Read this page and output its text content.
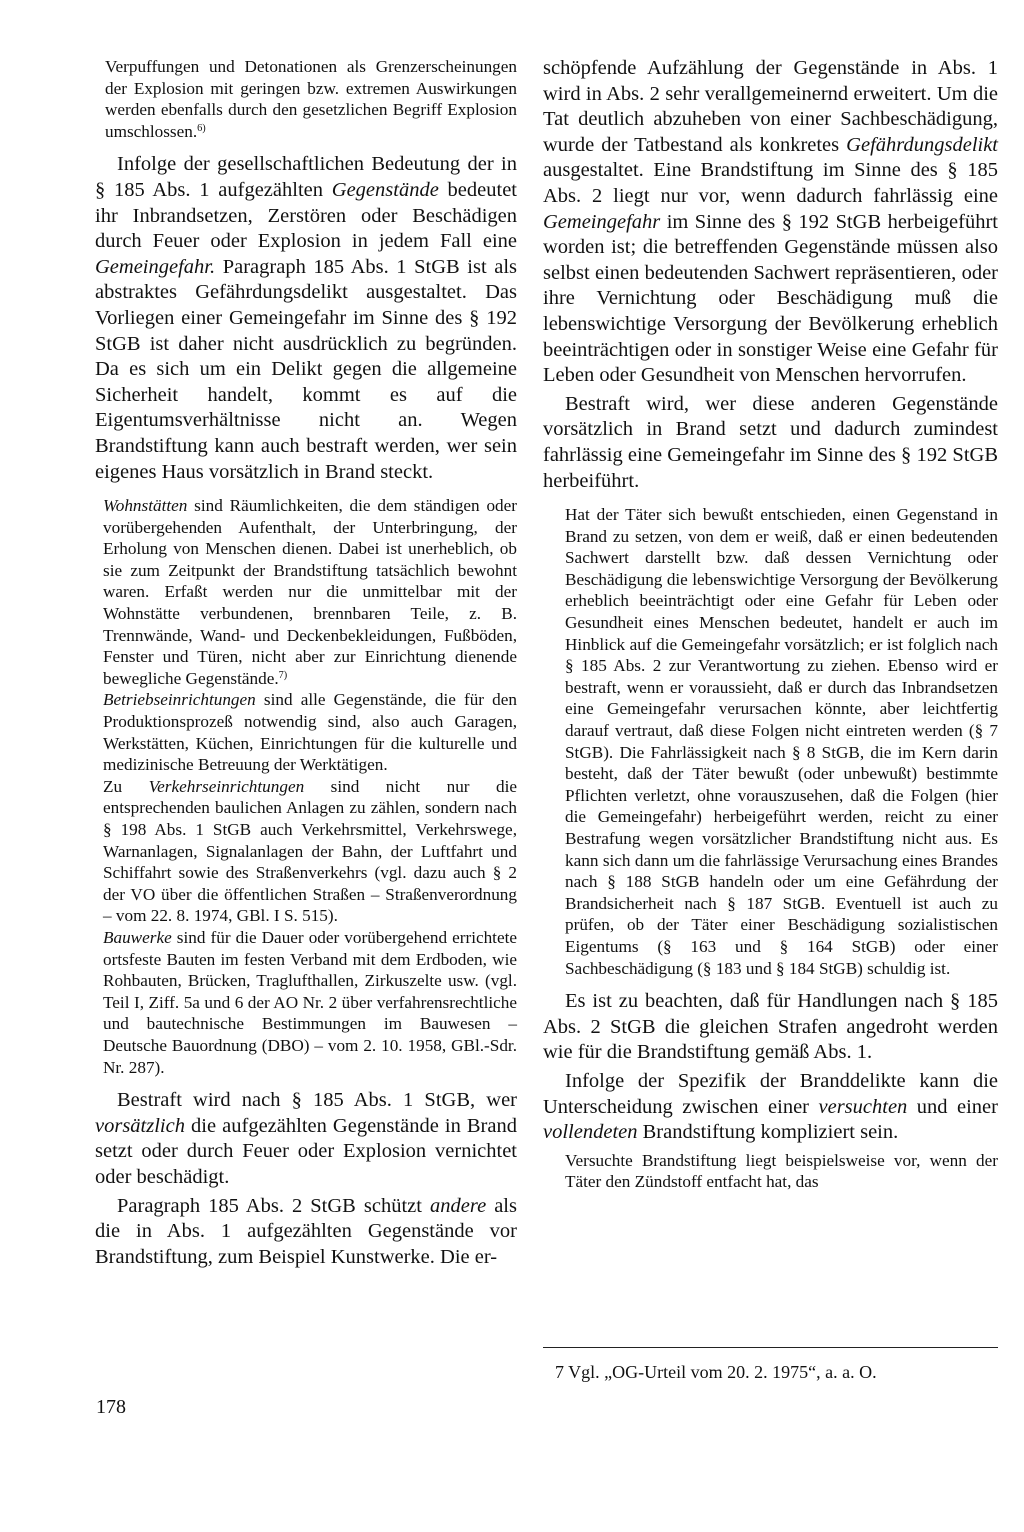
Verpuffungen und Detonationen als Grenzerscheinungen der Explosion mit geringen bzw. extremen Auswirkungen werden ebenfalls durch den gesetzlichen Begriff Explosion umschlossen.$^{6)}$

Infolge der gesellschaftlichen Bedeutung der in § 185 Abs. 1 aufgezählten Gegenstände bedeutet ihr Inbrandsetzen, Zerstören oder Beschädigen durch Feuer oder Explosion in jedem Fall eine Gemeingefahr. Paragraph 185 Abs. 1 StGB ist als abstraktes Gefährdungsdelikt ausgestaltet. Das Vorliegen einer Gemeingefahr im Sinne des § 192 StGB ist daher nicht ausdrücklich zu begründen. Da es sich um ein Delikt gegen die allgemeine Sicherheit handelt, kommt es auf die Eigentumsverhältnisse nicht an. Wegen Brandstiftung kann auch bestraft werden, wer sein eigenes Haus vorsätzlich in Brand steckt.

Wohnstätten sind Räumlichkeiten, die dem ständigen oder vorübergehenden Aufenthalt, der Unterbringung, der Erholung von Menschen dienen. Dabei ist unerheblich, ob sie zum Zeitpunkt der Brandstiftung tatsächlich bewohnt waren. Erfaßt werden nur die unmittelbar mit der Wohnstätte verbundenen, brennbaren Teile, z. B. Trennwände, Wand- und Deckenbekleidungen, Fußböden, Fenster und Türen, nicht aber zur Einrichtung dienende bewegliche Gegenstände.$^{7)}$

Betriebseinrichtungen sind alle Gegenstände, die für den Produktionsprozeß notwendig sind, also auch Garagen, Werkstätten, Küchen, Einrichtungen für die kulturelle und medizinische Betreuung der Werktätigen.

Zu Verkehrseinrichtungen sind nicht nur die entsprechenden baulichen Anlagen zu zählen, sondern nach § 198 Abs. 1 StGB auch Verkehrsmittel, Verkehrswege, Warnanlagen, Signalanlagen der Bahn, der Luftfahrt und Schiffahrt sowie des Straßenverkehrs (vgl. dazu auch § 2 der VO über die öffentlichen Straßen – Straßenverordnung – vom 22. 8. 1974, GBl. I S. 515).

Bauwerke sind für die Dauer oder vorübergehend errichtete ortsfeste Bauten im festen Verband mit dem Erdboden, wie Rohbauten, Brücken, Traglufthallen, Zirkuszelte usw. (vgl. Teil I, Ziff. 5a und 6 der AO Nr. 2 über verfahrensrechtliche und bautechnische Bestimmungen im Bauwesen – Deutsche Bauordnung (DBO) – vom 2. 10. 1958, GBl.-Sdr. Nr. 287).

Bestraft wird nach § 185 Abs. 1 StGB, wer vorsätzlich die aufgezählten Gegenstände in Brand setzt oder durch Feuer oder Explosion vernichtet oder beschädigt.

Paragraph 185 Abs. 2 StGB schützt andere als die in Abs. 1 aufgezählten Gegenstände vor Brandstiftung, zum Beispiel Kunstwerke. Die er-

schöpfende Aufzählung der Gegenstände in Abs. 1 wird in Abs. 2 sehr verallgemeinernd erweitert. Um die Tat deutlich abzuheben von einer Sachbeschädigung, wurde der Tatbestand als konkretes Gefährdungsdelikt ausgestaltet. Eine Brandstiftung im Sinne des § 185 Abs. 2 liegt nur vor, wenn dadurch fahrlässig eine Gemeingefahr im Sinne des § 192 StGB herbeigeführt worden ist; die betreffenden Gegenstände müssen also selbst einen bedeutenden Sachwert repräsentieren, oder ihre Vernichtung oder Beschädigung muß die lebenswichtige Versorgung der Bevölkerung erheblich beeinträchtigen oder in sonstiger Weise eine Gefahr für Leben oder Gesundheit von Menschen hervorrufen.

Bestraft wird, wer diese anderen Gegenstände vorsätzlich in Brand setzt und dadurch zumindest fahrlässig eine Gemeingefahr im Sinne des § 192 StGB herbeiführt.

Hat der Täter sich bewußt entschieden, einen Gegenstand in Brand zu setzen, von dem er weiß, daß er einen bedeutenden Sachwert darstellt bzw. daß dessen Vernichtung oder Beschädigung die lebenswichtige Versorgung der Bevölkerung erheblich beeinträchtigt oder eine Gefahr für Leben oder Gesundheit eines Menschen bedeutet, handelt er auch im Hinblick auf die Gemeingefahr vorsätzlich; er ist folglich nach § 185 Abs. 2 zur Verantwortung zu ziehen. Ebenso wird er bestraft, wenn er voraussieht, daß er durch das Inbrandsetzen eine Gemeingefahr verursachen könnte, aber leichtfertig darauf vertraut, daß diese Folgen nicht eintreten werden (§ 7 StGB). Die Fahrlässigkeit nach § 8 StGB, die im Kern darin besteht, daß der Täter bewußt (oder unbewußt) bestimmte Pflichten verletzt, ohne vorauszusehen, daß die Folgen (hier die Gemeingefahr) herbeigeführt werden, reicht zu einer Bestrafung wegen vorsätzlicher Brandstiftung nicht aus. Es kann sich dann um die fahrlässige Verursachung eines Brandes nach § 188 StGB handeln oder um eine Gefährdung der Brandsicherheit nach § 187 StGB. Eventuell ist auch zu prüfen, ob der Täter einer Beschädigung sozialistischen Eigentums (§ 163 und § 164 StGB) oder einer Sachbeschädigung (§ 183 und § 184 StGB) schuldig ist.

Es ist zu beachten, daß für Handlungen nach § 185 Abs. 2 StGB die gleichen Strafen angedroht werden wie für die Brandstiftung gemäß Abs. 1.

Infolge der Spezifik der Branddelikte kann die Unterscheidung zwischen einer versuchten und einer vollendeten Brandstiftung kompliziert sein.

Versuchte Brandstiftung liegt beispielsweise vor, wenn der Täter den Zündstoff entfacht hat, das

7 Vgl. „OG-Urteil vom 20. 2. 1975“, a. a. O.
178
